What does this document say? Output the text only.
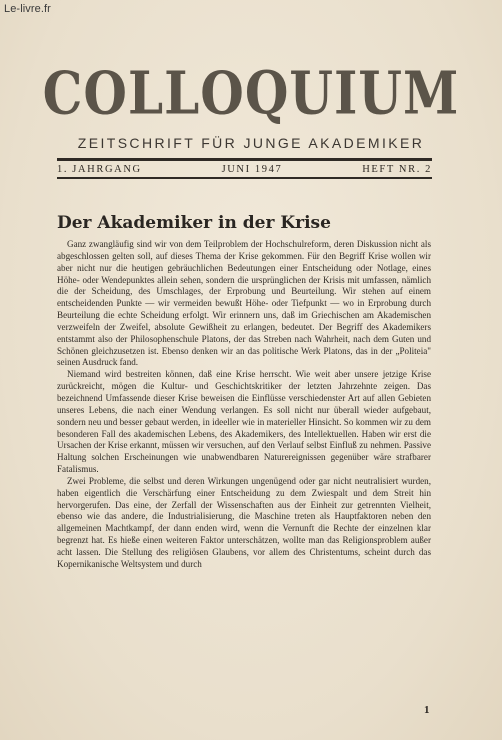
Le-livre.fr
COLLOQUIUM
ZEITSCHRIFT FÜR JUNGE AKADEMIKER
1. JAHRGANG	JUNI 1947	HEFT NR. 2
Der Akademiker in der Krise

Ganz zwangläufig sind wir von dem Teilproblem der Hochschulreform, deren Diskussion nicht als abgeschlossen gelten soll, auf dieses Thema der Krise gekommen. Für den Begriff Krise wollen wir aber nicht nur die heutigen gebräuchlichen Bedeutungen einer Entscheidung oder Notlage, eines Höhe- oder Wendepunktes allein sehen, sondern die ursprünglichen der Krisis mit umfassen, nämlich die der Scheidung, des Umschlages, der Erprobung und Beurteilung. Wir stehen auf einem entscheidenden Punkte — wir vermeiden bewußt Höhe- oder Tiefpunkt — wo in Erprobung durch Beurteilung die echte Scheidung erfolgt. Wir erinnern uns, daß im Griechischen am Akademischen verzweifeln der Zweifel, absolute Gewißheit zu erlangen, bedeutet. Der Begriff des Akademikers entstammt also der Philosophenschule Platons, der das Streben nach Wahrheit, nach dem Guten und Schönen gleichzusetzen ist. Ebenso denken wir an das politische Werk Platons, das in der „Politeia" seinen Ausdruck fand.

Niemand wird bestreiten können, daß eine Krise herrscht. Wie weit aber unsere jetzige Krise zurückreicht, mögen die Kultur- und Geschichtskritiker der letzten Jahrzehnte zeigen. Das bezeichnend Umfassende dieser Krise beweisen die Einflüsse verschiedenster Art auf allen Gebieten unseres Lebens, die nach einer Wendung verlangen. Es soll nicht nur überall wieder aufgebaut, sondern neu und besser gebaut werden, in ideeller wie in materieller Hinsicht. So kommen wir zu dem besonderen Fall des akademischen Lebens, des Akademikers, des Intellektuellen. Haben wir erst die Ursachen der Krise erkannt, müssen wir versuchen, auf den Verlauf selbst Einfluß zu nehmen. Passive Haltung solchen Erscheinungen wie unabwendbaren Naturereignissen gegenüber wäre strafbarer Fatalismus.

Zwei Probleme, die selbst und deren Wirkungen ungenügend oder gar nicht neutralisiert wurden, haben eigentlich die Verschärfung einer Entscheidung zu dem Zwiespalt und dem Streit hin hervorgerufen. Das eine, der Zerfall der Wissenschaften aus der Einheit zur getrennten Vielheit, ebenso wie das andere, die Industrialisierung, die Maschine treten als Hauptfaktoren neben den allgemeinen Machtkampf, der dann enden wird, wenn die Vernunft die Rechte der einzelnen klar begrenzt hat. Es hieße einen weiteren Faktor unterschätzen, wollte man das Religionsproblem außer acht lassen. Die Stellung des religiösen Glaubens, vor allem des Christentums, scheint durch das Kopernikanische Weltsystem und durch

1
